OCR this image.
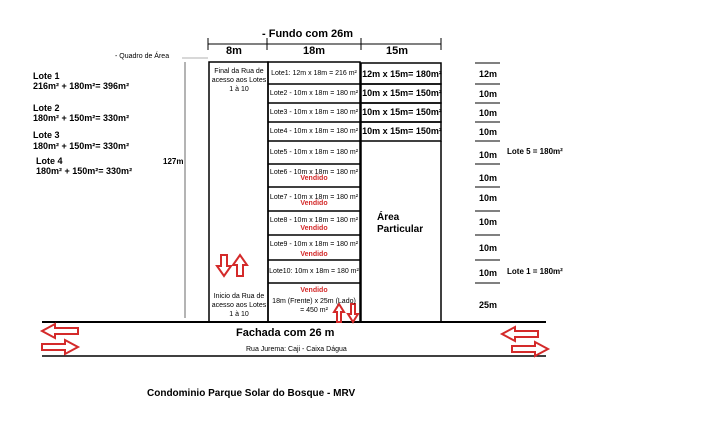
- Fundo com 26m
8m	18m	15m
- Quadro de Área
Lote 1
216m² + 180m²= 396m²
Lote 2
180m² + 150m²= 330m²
Lote 3
180m² + 150m²= 330m²
Lote 4
180m² + 150m²= 330m²
127m
Final da Rua de acesso aos Lotes 1 à 10
Inicio da Rua de acesso aos Lotes 1 à 10
Lote1: 12m x 18m = 216 m²
Lote2 - 10m x 18m = 180 m²
Lote3 - 10m x 18m = 180 m²
Lote4 - 10m x 18m = 180 m²
Lote5 - 10m x 18m = 180 m²
Lote6 - 10m x 18m = 180 m²
Vendido
Lote7 - 10m x 18m = 180 m²
Vendido
Lote8 - 10m x 18m = 180 m²
Vendido
Lote9 - 10m x 18m = 180 m²
Vendido
Lote10: 10m x 18m = 180 m²
Vendido
18m (Frente) x 25m (Lado)
= 450 m²
12m x 15m= 180m²
10m x 15m= 150m²
10m x 15m= 150m²
10m x 15m= 150m²
Área Particular
12m
10m
10m
10m
10m
10m
10m
10m
10m
10m
25m
Lote 5 = 180m²
Lote 1 = 180m²
Fachada com 26 m
Rua Jurema: Caji - Caixa Dágua
Condominio Parque Solar do Bosque - MRV
